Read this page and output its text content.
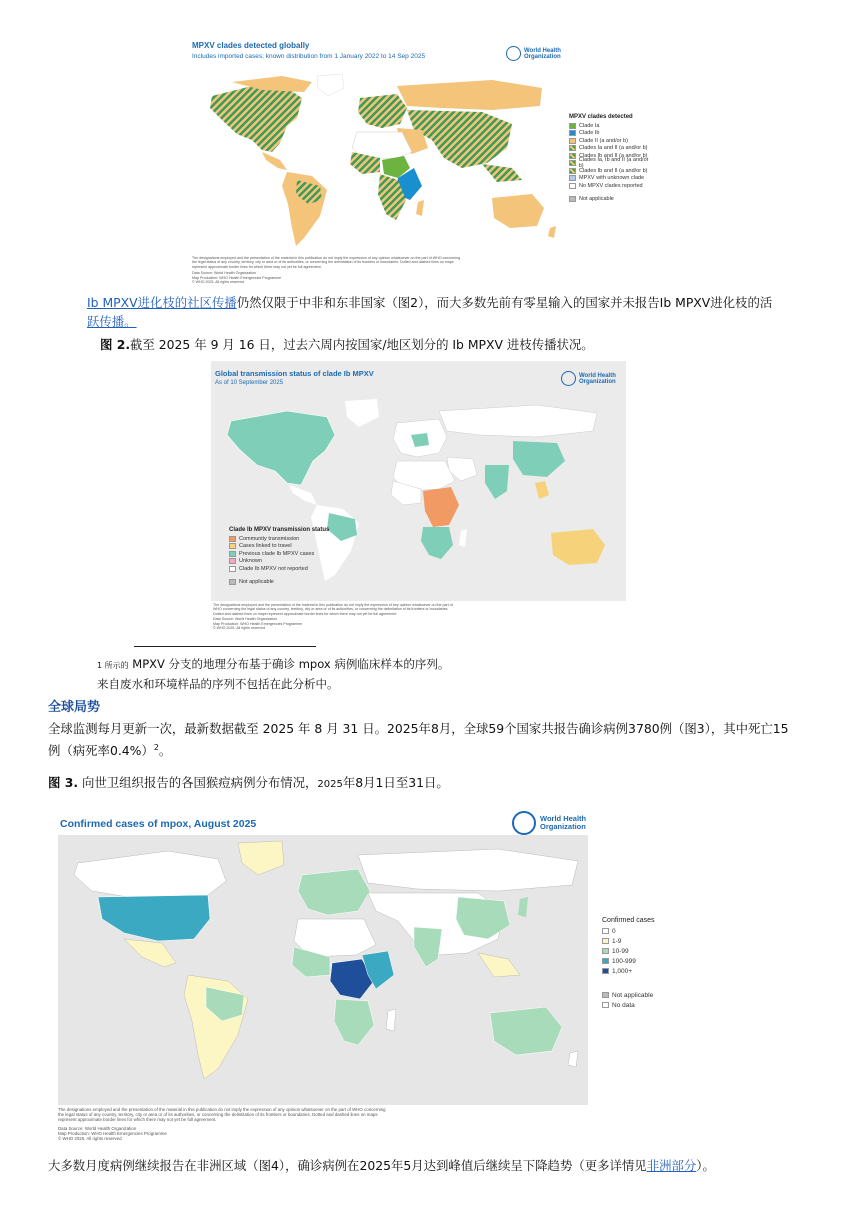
MPXV clades detected globally
Includes imported cases; known distribution from 1 January 2022 to 14 Sep 2025
World Health
Organization
MPXV clades detected
Clade Ia
Clade Ib
Clade II (a and/or b)
Clades Ia and II (a and/or b)
Clades Ib and II (a and/or b)
Clades Ia, Ib and II (a and/or b)
Clades Ib and II (a and/or b)
MPXV with unknown clade
No MPXV clades reported
Not applicable
The designations employed and the presentation of the material in this publication do not imply the expression of any opinion whatsoever on the part of WHO concerning the legal status of any country, territory, city or area or of its authorities, or concerning the delimitation of its frontiers or boundaries. Dotted and dashed lines on maps represent approximate border lines for which there may not yet be full agreement.
Data Source: World Health Organization
Map Production: WHO Health Emergencies Programme
© WHO 2025. All rights reserved
Ib MPXV进化枝的社区传播仍然仅限于中非和东非国家（图2），而大多数先前有零星输入的国家并未报告Ib MPXV进化枝的活
跃传播。
图 2.截至 2025 年 9 月 16 日，过去六周内按国家/地区划分的 Ib MPXV 进枝传播状况。
Global transmission status of clade Ib MPXV
As of 10 September 2025
World Health
Organization
Clade Ib MPXV transmission status
Community transmission
Cases linked to travel
Previous clade Ib MPXV cases
Unknown
Clade Ib MPXV not reported
Not applicable
The designations employed and the presentation of the material in this publication do not imply the expression of any opinion whatsoever on the part of WHO concerning the legal status of any country, territory, city or area or of its authorities, or concerning the delimitation of its frontiers or boundaries. Dotted and dashed lines on maps represent approximate border lines for which there may not yet be full agreement.
Data Source: World Health Organization
Map Production: WHO Health Emergencies Programme
© WHO 2025. All rights reserved
1 所示的 MPXV 分支的地理分布基于确诊 mpox 病例临床样本的序列。
来自废水和环境样品的序列不包括在此分析中。
全球局势
全球监测每月更新一次，最新数据截至 2025 年 8 月 31 日。2025年8月，全球59个国家共报告确诊病例3780例（图3），其中死亡15
例（病死率0.4%）$^2$。
图 3. 向世卫组织报告的各国猴痘病例分布情况，2025年8月1日至31日。
Confirmed cases of mpox, August 2025	World Health
Organization
Confirmed cases
0
1-9
10-99
100-999
1,000+
Not applicable
No data
The designations employed and the presentation of the material in this publication do not imply the expression of any opinion whatsoever on the part of WHO concerning the legal status of any country, territory, city or area or of its authorities, or concerning the delimitation of its frontiers or boundaries. Dotted and dashed lines on maps represent approximate border lines for which there may not yet be full agreement.
Data Source: World Health Organization
Map Production: WHO Health Emergencies Programme
© WHO 2025. All rights reserved
大多数月度病例继续报告在非洲区域（图4），确诊病例在2025年5月达到峰值后继续呈下降趋势（更多详情见非洲部分）。
